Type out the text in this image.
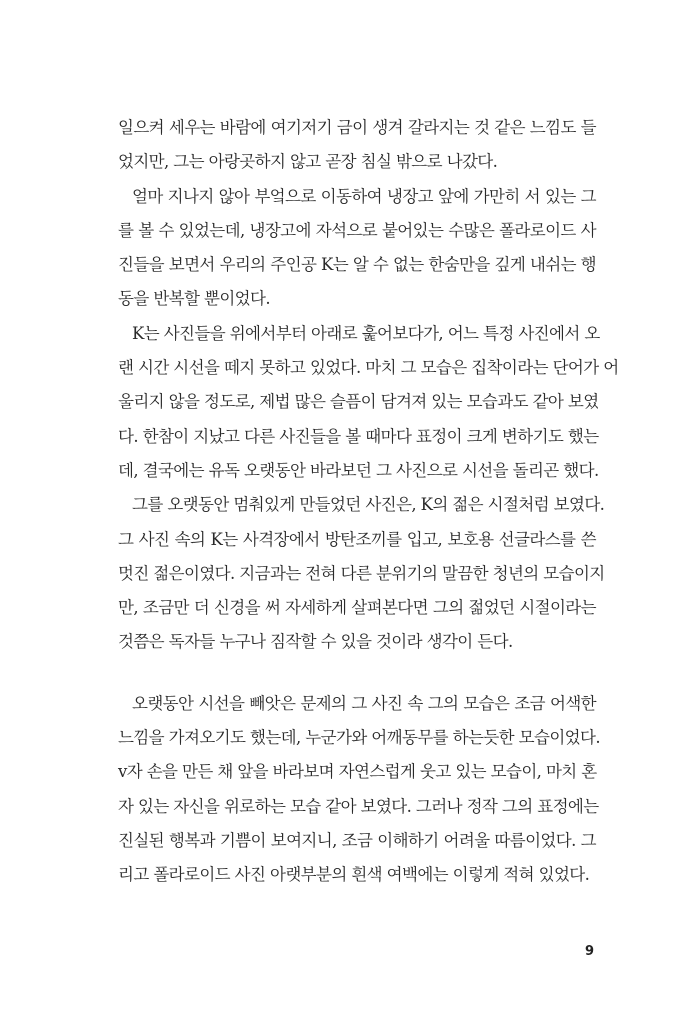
일으켜 세우는 바람에 여기저기 금이 생겨 갈라지는 것 같은 느낌도 들
었지만, 그는 아랑곳하지 않고 곧장 침실 밖으로 나갔다.
얼마 지나지 않아 부엌으로 이동하여 냉장고 앞에 가만히 서 있는 그
를 볼 수 있었는데, 냉장고에 자석으로 붙어있는 수많은 폴라로이드 사
진들을 보면서 우리의 주인공 K는 알 수 없는 한숨만을 깊게 내쉬는 행
동을 반복할 뿐이었다.
K는 사진들을 위에서부터 아래로 훑어보다가, 어느 특정 사진에서 오
랜 시간 시선을 떼지 못하고 있었다. 마치 그 모습은 집착이라는 단어가 어
울리지 않을 정도로, 제법 많은 슬픔이 담겨져 있는 모습과도 같아 보였
다. 한참이 지났고 다른 사진들을 볼 때마다 표정이 크게 변하기도 했는
데, 결국에는 유독 오랫동안 바라보던 그 사진으로 시선을 돌리곤 했다.
그를 오랫동안 멈춰있게 만들었던 사진은, K의 젊은 시절처럼 보였다.
그 사진 속의 K는 사격장에서 방탄조끼를 입고, 보호용 선글라스를 쓴
멋진 젊은이였다. 지금과는 전혀 다른 분위기의 말끔한 청년의 모습이지
만, 조금만 더 신경을 써 자세하게 살펴본다면 그의 젊었던 시절이라는
것쯤은 독자들 누구나 짐작할 수 있을 것이라 생각이 든다.
오랫동안 시선을 빼앗은 문제의 그 사진 속 그의 모습은 조금 어색한
느낌을 가져오기도 했는데, 누군가와 어깨동무를 하는듯한 모습이었다.
v자 손을 만든 채 앞을 바라보며 자연스럽게 웃고 있는 모습이, 마치 혼
자 있는 자신을 위로하는 모습 같아 보였다. 그러나 정작 그의 표정에는
진실된 행복과 기쁨이 보여지니, 조금 이해하기 어려울 따름이었다. 그
리고 폴라로이드 사진 아랫부분의 흰색 여백에는 이렇게 적혀 있었다.
9
